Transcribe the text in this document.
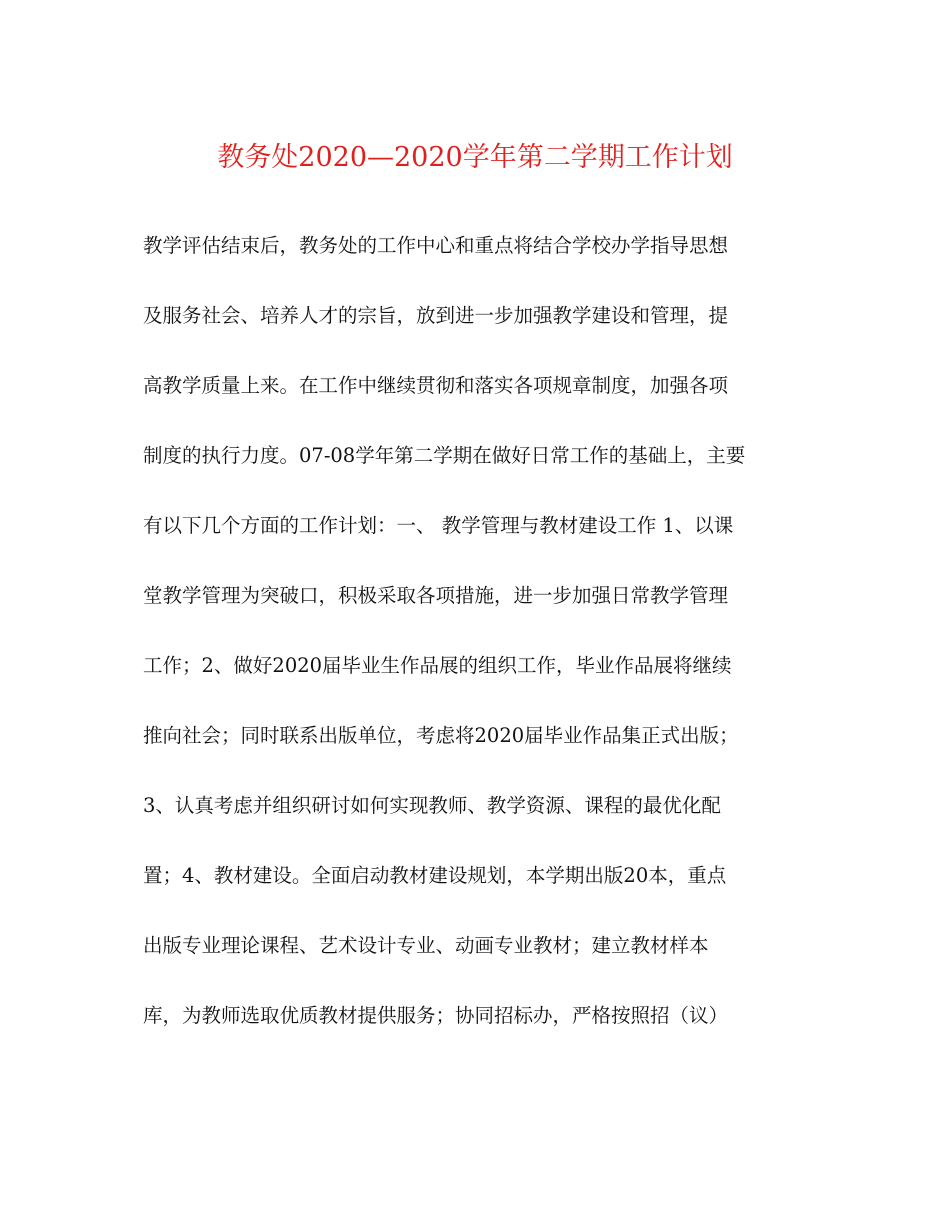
教务处2020—2020学年第二学期工作计划
教学评估结束后，教务处的工作中心和重点将结合学校办学指导思想
及服务社会、培养人才的宗旨，放到进一步加强教学建设和管理，提
高教学质量上来。在工作中继续贯彻和落实各项规章制度，加强各项
制度的执行力度。07-08学年第二学期在做好日常工作的基础上，主要
有以下几个方面的工作计划：一、 教学管理与教材建设工作 1、以课
堂教学管理为突破口，积极采取各项措施，进一步加强日常教学管理
工作；2、做好2020届毕业生作品展的组织工作，毕业作品展将继续
推向社会；同时联系出版单位，考虑将2020届毕业作品集正式出版；
3、认真考虑并组织研讨如何实现教师、教学资源、课程的最优化配
置；4、教材建设。全面启动教材建设规划，本学期出版20本，重点
出版专业理论课程、艺术设计专业、动画专业教材；建立教材样本
库，为教师选取优质教材提供服务；协同招标办，严格按照招（议）
